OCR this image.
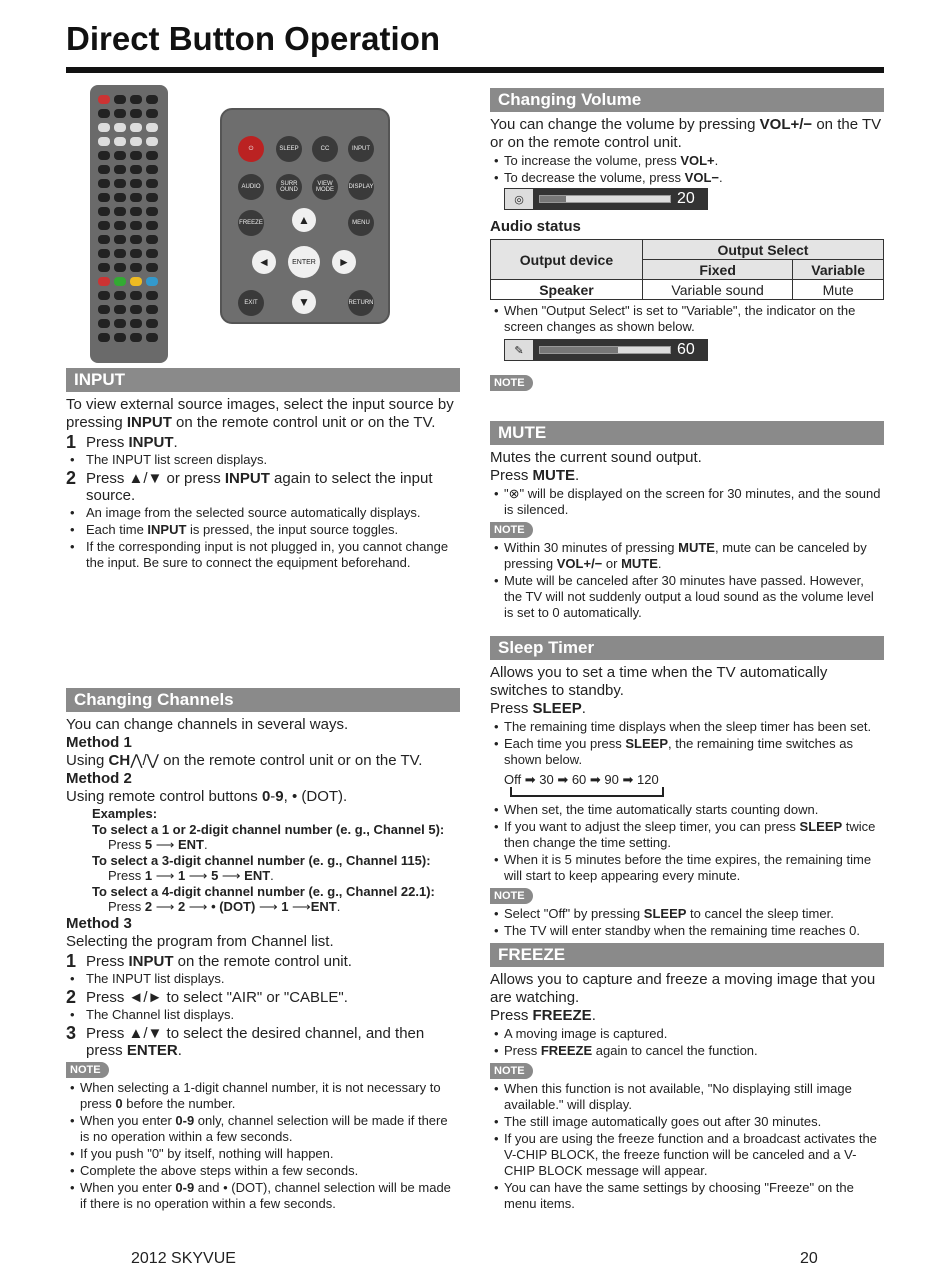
Direct Button Operation
⏻	SLEEP	CC	INPUT
AUDIO	SURR OUND
VIEW MODE	DISPLAY
FREEZE	MENU
▲
◄	►
ENTER
▼
EXIT	RETURN
INPUT

To view external source images, select the input source by pressing INPUT on the remote control unit or on the TV.

1 Press INPUT.
• The INPUT list screen displays.
2 Press ▲/▼ or press INPUT again to select the input source.
• An image from the selected source automatically displays.
• Each time INPUT is pressed, the input source toggles.
• If the corresponding input is not plugged in, you cannot change the input. Be sure to connect the equipment beforehand.
Changing Channels

You can change channels in several ways.

Method 1

Using CH⋀/⋁ on the remote control unit or on the TV.

Method 2

Using remote control buttons 0-9, • (DOT).

Examples:
To select a 1 or 2-digit channel number (e. g., Channel 5):
Press 5 ⟶ ENT.
To select a 3-digit channel number (e. g., Channel 115):
Press 1 ⟶ 1 ⟶ 5 ⟶ ENT.
To select a 4-digit channel number (e. g., Channel 22.1):
Press 2 ⟶ 2 ⟶ • (DOT) ⟶ 1 ⟶ENT.

Method 3

Selecting the program from Channel list.

1 Press INPUT on the remote control unit.
• The INPUT list displays.
2 Press ◄/► to select "AIR" or "CABLE".
• The Channel list displays.
3 Press ▲/▼ to select the desired channel, and then press ENTER.
NOTE
• When selecting a 1-digit channel number, it is not necessary to press 0 before the number.
• When you enter 0-9 only, channel selection will be made if there is no operation within a few seconds.
• If you push "0" by itself, nothing will happen.
• Complete the above steps within a few seconds.
• When you enter 0-9 and • (DOT), channel selection will be made if there is no operation within a few seconds.
Changing Volume

You can change the volume by pressing VOL+/− on the TV or on the remote control unit.

• To increase the volume, press VOL+.
• To decrease the volume, press VOL−.
◎	20

Audio status

Output device	Output Select	
	Fixed	Variable
Speaker	Variable sound	Mute
• When "Output Select" is set to "Variable", the indicator on the screen changes as shown below.
✎	60
NOTE
MUTE

Mutes the current sound output.

Press MUTE.

• "⊗" will be displayed on the screen for 30 minutes, and the sound is silenced.
NOTE
• Within 30 minutes of pressing MUTE, mute can be canceled by pressing VOL+/− or MUTE.
• Mute will be canceled after 30 minutes have passed. However, the TV will not suddenly output a loud sound as the volume level is set to 0 automatically.
Sleep Timer

Allows you to set a time when the TV automatically switches to standby.

Press SLEEP.

• The remaining time displays when the sleep timer has been set.
• Each time you press SLEEP, the remaining time switches as shown below.
Off ➡ 30 ➡ 60 ➡ 90 ➡ 120
• When set, the time automatically starts counting down.
• If you want to adjust the sleep timer, you can press SLEEP twice then change the time setting.
• When it is 5 minutes before the time expires, the remaining time will start to keep appearing every minute.
NOTE
• Select "Off" by pressing SLEEP to cancel the sleep timer.
• The TV will enter standby when the remaining time reaches 0.
FREEZE

Allows you to capture and freeze a moving image that you are watching.

Press FREEZE.

• A moving image is captured.
• Press FREEZE again to cancel the function.
NOTE
• When this function is not available, "No displaying still image available." will display.
• The still image automatically goes out after 30 minutes.
• If you are using the freeze function and a broadcast activates the V-CHIP BLOCK, the freeze function will be canceled and a V-CHIP BLOCK message will appear.
• You can have the same settings by choosing "Freeze" on the menu items.
2012 SKYVUE	20
